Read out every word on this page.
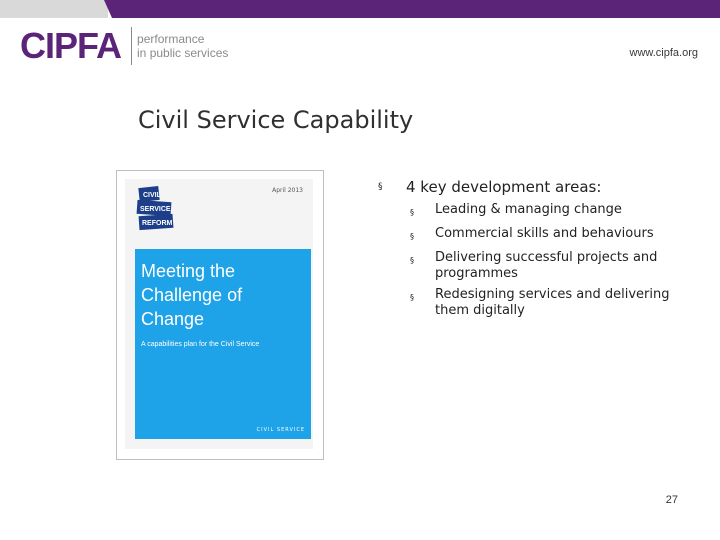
CIPFA performance
in public services	www.cipfa.org
Civil Service Capability
CIVIL
SERVICE
REFORM
April 2013
Meeting the
Challenge of
Change
A capabilities plan for the Civil Service
CIVIL SERVICE
§	4 key development areas:
§	Leading & managing change
§	Commercial skills and behaviours
§	Delivering successful projects and programmes
§	Redesigning services and delivering them digitally
27
